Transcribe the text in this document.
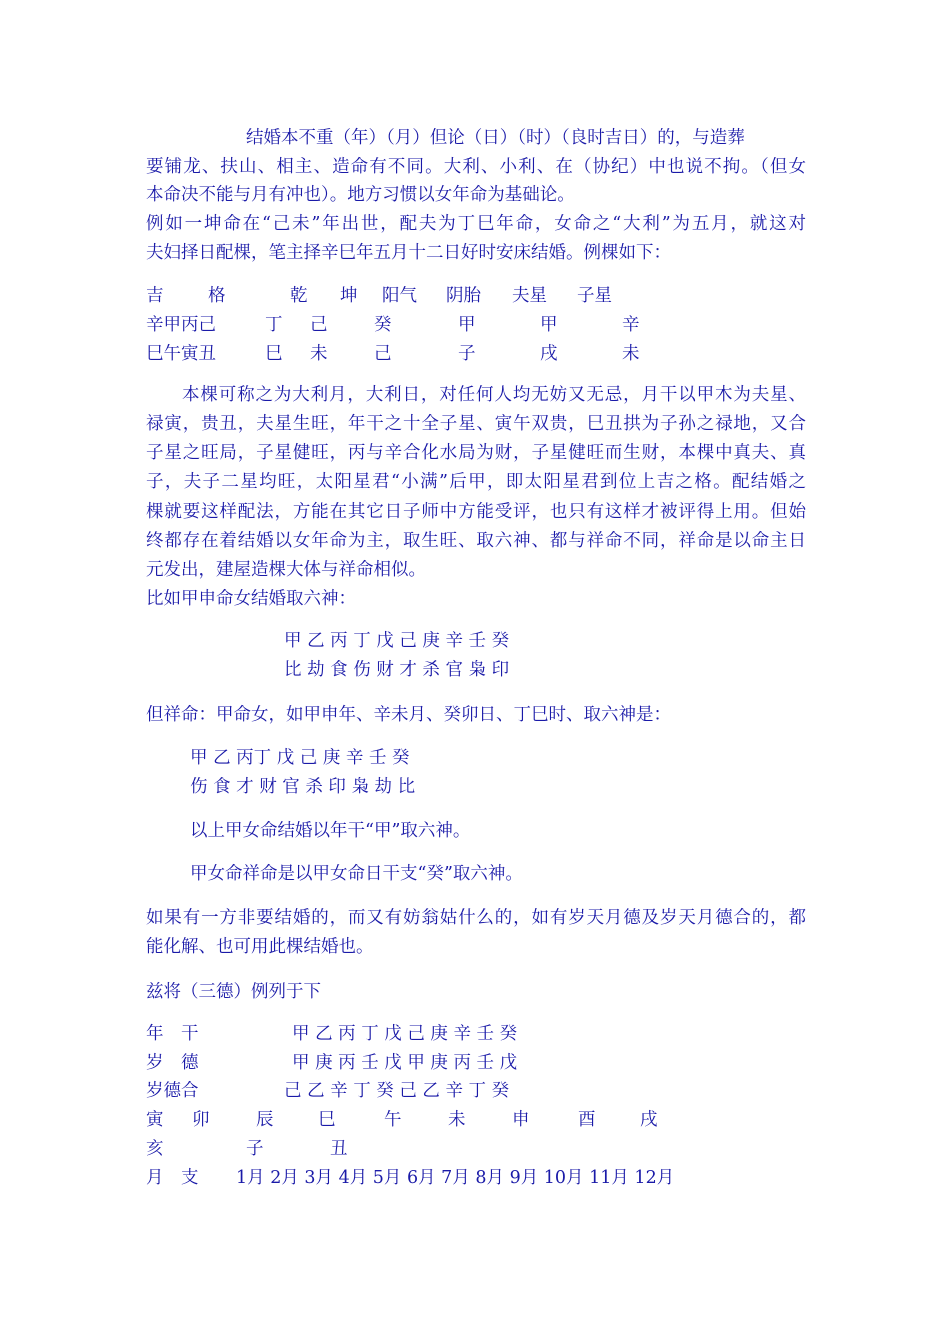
结婚本不重（年）（月）但论（日）（时）（良时吉日）的，与造葬
要铺龙、扶山、相主、造命有不同。大利、小利、在（协纪）中也说不拘。（但女
本命决不能与月有冲也）。地方习惯以女年命为基础论。
例如一坤命在“己未”年出世，配夫为丁巳年命，女命之“大利”为五月，就这对
夫妇择日配棵，笔主择辛巳年五月十二日好时安床结婚。例棵如下：
吉	格	乾 坤 阳气 阴胎 夫星 子星
辛甲丙己	丁 己	癸	甲	甲	辛
巳午寅丑	巳 未	己	子	戌	未
本棵可称之为大利月，大利日，对任何人均无妨又无忌，月干以甲木为夫星、
禄寅，贵丑，夫星生旺，年干之十全子星、寅午双贵，巳丑拱为子孙之禄地，又合
子星之旺局，子星健旺，丙与辛合化水局为财，子星健旺而生财，本棵中真夫、真
子，夫子二星均旺，太阳星君“小满”后甲，即太阳星君到位上吉之格。配结婚之
棵就要这样配法，方能在其它日子师中方能受评，也只有这样才被评得上用。但始
终都存在着结婚以女年命为主，取生旺、取六神、都与祥命不同，祥命是以命主日
元发出，建屋造棵大体与祥命相似。
比如甲申命女结婚取六神：
甲 乙 丙 丁 戊 己 庚 辛 壬 癸
比 劫 食 伤 财 才 杀 官 枭 印
但祥命：甲命女，如甲申年、辛未月、癸卯日、丁巳时、取六神是：
甲 乙 丙丁 戊 己 庚 辛 壬 癸
伤 食 才 财 官 杀 印 枭 劫 比
以上甲女命结婚以年干“甲”取六神。
甲女命祥命是以甲女命日干支“癸”取六神。
如果有一方非要结婚的，而又有妨翁姑什么的，如有岁天月德及岁天月德合的，都
能化解、也可用此棵结婚也。
兹将（三德）例列于下
年　干	甲 乙 丙 丁 戊 己 庚 辛 壬 癸
岁　德	甲 庚 丙 壬 戊 甲 庚 丙 壬 戊
岁德合	己 乙 辛 丁 癸 己 乙 辛 丁 癸
寅 卯	辰	巳	午	未	申	酉	戌
亥	子	丑
月　支 1月 2月 3月 4月 5月 6月 7月 8月 9月 10月 11月 12月
